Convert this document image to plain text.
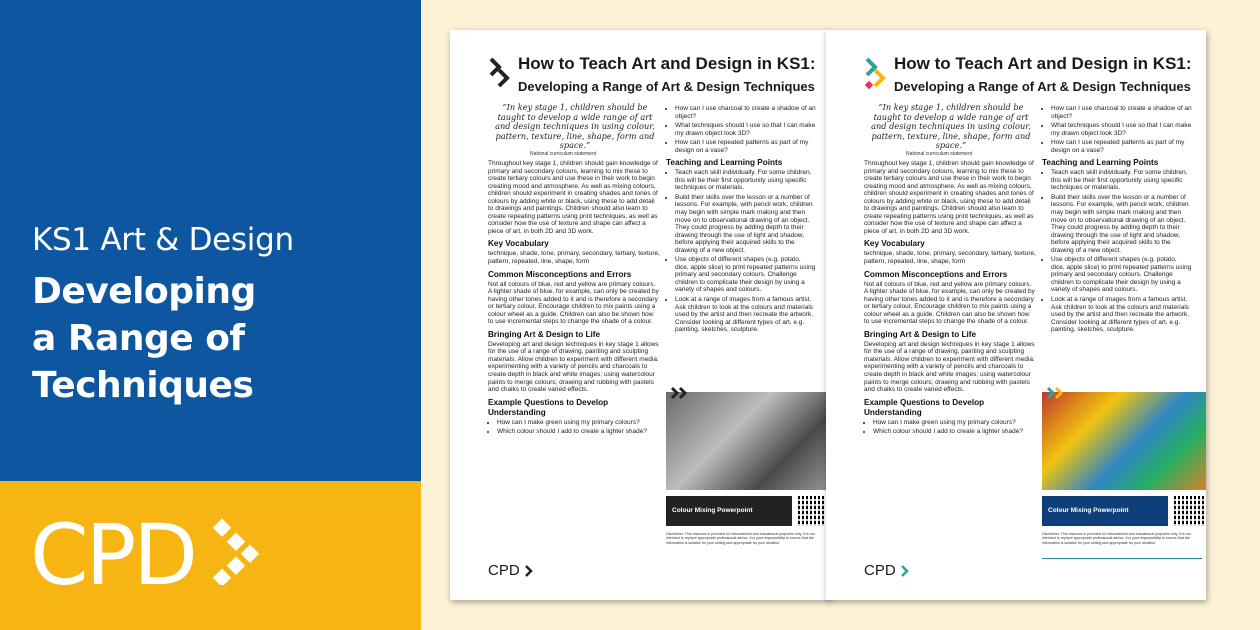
KS1 Art & Design
Developing
a Range of
Techniques
CPD
How to Teach Art and Design in KS1:
Developing a Range of Art & Design Techniques
“In key stage 1, children should be taught to develop a wide range of art and design techniques in using colour, pattern, texture, line, shape, form and space.”
National curriculum statement

Throughout key stage 1, children should gain knowledge of primary and secondary colours, learning to mix these to create tertiary colours and use these in their work to begin creating mood and atmosphere. As well as mixing colours, children should experiment in creating shades and tones of colours by adding white or black, using these to add detail to drawings and paintings. Children should also learn to create repeating patterns using print techniques, as well as consider how the use of texture and shape can affect a piece of art, in both 2D and 3D work.

Key Vocabulary

technique, shade, tone, primary, secondary, tertiary, texture, pattern, repeated, line, shape, form

Common Misconceptions and Errors

Not all colours of blue, red and yellow are primary colours. A lighter shade of blue, for example, can only be created by having other tones added to it and is therefore a secondary or tertiary colour. Encourage children to mix paints using a colour wheel as a guide. Children can also be shown how to use incremental steps to change the shade of a colour.

Bringing Art & Design to Life

Developing art and design techniques in key stage 1 allows for the use of a range of drawing, painting and sculpting materials. Allow children to experiment with different media: experimenting with a variety of pencils and charcoals to create depth in black and white images; using watercolour paints to merge colours; drawing and rubbing with pastels and chalks to create varied effects.

Example Questions to Develop Understanding
• How can I make green using my primary colours?
• Which colour should I add to create a lighter shade?
• How can I use charcoal to create a shadow of an object?
• What techniques should I use so that I can make my drawn object look 3D?
• How can I use repeated patterns as part of my design on a vase?
Teaching and Learning Points
• Teach each skill individually. For some children, this will be their first opportunity using specific techniques or materials.
• Build their skills over the lesson or a number of lessons. For example, with pencil work, children may begin with simple mark making and then move on to observational drawing of an object. They could progress by adding depth to their drawing through the use of light and shadow, before applying their acquired skills to the drawing of a new object.
• Use objects of different shapes (e.g. potato, dice, apple slice) to print repeated patterns using primary and secondary colours. Challenge children to complicate their design by using a variety of shapes and colours.
• Look at a range of images from a famous artist. Ask children to look at the colours and materials used by the artist and then recreate the artwork. Consider looking at different types of art, e.g. painting, sketches, sculpture.
Colour Mixing Powerpoint
Disclaimer: This resource is provided for informational and educational purposes only. It is not intended to replace appropriate professional advice. It is your responsibility to ensure that the information is suitable for your setting and appropriate for your situation.
CPD
How to Teach Art and Design in KS1:
Developing a Range of Art & Design Techniques
“In key stage 1, children should be taught to develop a wide range of art and design techniques in using colour, pattern, texture, line, shape, form and space.”
National curriculum statement

Throughout key stage 1, children should gain knowledge of primary and secondary colours, learning to mix these to create tertiary colours and use these in their work to begin creating mood and atmosphere. As well as mixing colours, children should experiment in creating shades and tones of colours by adding white or black, using these to add detail to drawings and paintings. Children should also learn to create repeating patterns using print techniques, as well as consider how the use of texture and shape can affect a piece of art, in both 2D and 3D work.

Key Vocabulary

technique, shade, tone, primary, secondary, tertiary, texture, pattern, repeated, line, shape, form

Common Misconceptions and Errors

Not all colours of blue, red and yellow are primary colours. A lighter shade of blue, for example, can only be created by having other tones added to it and is therefore a secondary or tertiary colour. Encourage children to mix paints using a colour wheel as a guide. Children can also be shown how to use incremental steps to change the shade of a colour.

Bringing Art & Design to Life

Developing art and design techniques in key stage 1 allows for the use of a range of drawing, painting and sculpting materials. Allow children to experiment with different media: experimenting with a variety of pencils and charcoals to create depth in black and white images; using watercolour paints to merge colours; drawing and rubbing with pastels and chalks to create varied effects.

Example Questions to Develop Understanding
• How can I make green using my primary colours?
• Which colour should I add to create a lighter shade?
• How can I use charcoal to create a shadow of an object?
• What techniques should I use so that I can make my drawn object look 3D?
• How can I use repeated patterns as part of my design on a vase?
Teaching and Learning Points
• Teach each skill individually. For some children, this will be their first opportunity using specific techniques or materials.
• Build their skills over the lesson or a number of lessons. For example, with pencil work, children may begin with simple mark making and then move on to observational drawing of an object. They could progress by adding depth to their drawing through the use of light and shadow, before applying their acquired skills to the drawing of a new object.
• Use objects of different shapes (e.g. potato, dice, apple slice) to print repeated patterns using primary and secondary colours. Challenge children to complicate their design by using a variety of shapes and colours.
• Look at a range of images from a famous artist. Ask children to look at the colours and materials used by the artist and then recreate the artwork. Consider looking at different types of art, e.g. painting, sketches, sculpture.
Colour Mixing Powerpoint
Disclaimer: This resource is provided for informational and educational purposes only. It is not intended to replace appropriate professional advice. It is your responsibility to ensure that the information is suitable for your setting and appropriate for your situation.
CPD
